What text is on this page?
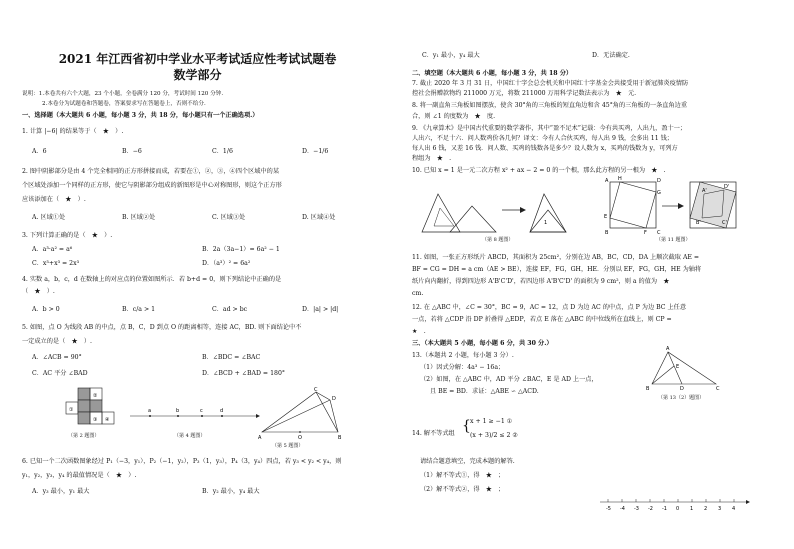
2021 年江西省初中学业水平考试适应性考试试题卷
数学部分
说明：1.本卷共有六个大题，23 个小题，全卷满分 120 分，考试时间 120 分钟.
2.本卷分为试题卷和答题卷，答案要求写在答题卷上，否则不给分.
一、选择题（本大题共 6 小题，每小题 3 分，共 18 分，每小题只有一个正确选项.）
1. 计算 |−6| 的结果等于（　★　）.
A．6	B．−6	C．1/6	D．−1/6
2. 图中阴影部分是由 4 个完全相同的正方形拼接而成，若要在①，②，③，④四个区域中的某
个区域处添加一个同样的正方形，使它与阴影部分组成的新图形是中心对称图形，则这个正方形
应该添加在（　★　）.
A. 区域①处	B. 区域②处	C. 区域③处	D. 区域④处
3. 下列计算正确的是（　★　）.
A．a³·a² = a⁶	B．2a（3a−1）= 6a² − 1
C．x³+x³ = 2x³	D．（a³）² = 6a²
4. 实数 a，b，c，d 在数轴上的对应点的位置如图所示．若 b+d = 0，则下列结论中正确的是
（　★　）.
A．b > 0	B．c/a > 1	C．ad > bc	D．|a| > |d|
5. 如图，点 O 为线段 AB 的中点，点 B，C，D 到点 O 的距离相等，连接 AC，BD. 则下面结论中不
一定成立的是（　★　）.
A．∠ACB = 90°	B．∠BDC = ∠BAC
C．AC 平分 ∠BAD	D．∠BCD + ∠BAD = 180°
①
②
③ ④
（第 2 题图）
a	b	c	d
（第 4 题图）	A	B
C
D
O
（第 5 题图）
6. 已知一个二次函数图象经过 P₁（−3，y₁），P₂（−1，y₂），P₃（1，y₃），P₄（3，y₄）四点，若 y₃ < y₂ < y₄，则
y₁，y₂，y₃，y₄ 的最值情况是（　★　）.
A．y₃ 最小，y₁ 最大	B．y₂ 最小，y₄ 最大
C．y₁ 最小，y₄ 最大	D．无法确定.
二、填空题（本大题共 6 小题，每小题 3 分，共 18 分）
7. 截止 2020 年 3 月 31 日，中国红十字会总会机关和中国红十字基金会共接受用于新冠肺炎疫情防
控社会捐赠款物约 211000 万元，将数 211000 万用科学记数法表示为　★　元.
8. 将一副直角三角板如图摆放，使含 30°角的三角板的短直角边和含 45°角的三角板的一条直角边重
合，则 ∠1 的度数为　★　度.
9. 《九章算术》是中国古代重要的数学著作，其中“盈不足术”记载：今有共买鸡，人出九，盈十一；
人出六，不足十六．问人数鸡价各几何？译文：今有人合伙买鸡，每人出 9 钱，会多出 11 钱；
每人出 6 钱，又差 16 钱．问人数、买鸡的钱数各是多少？设人数为 x，买鸡的钱数为 y，可列方
程组为　★　.
10. 已知 x = 1 是一元二次方程 x² + ax − 2 = 0 的一个根，那么此方程的另一根为　★　.
1
（第 8 题图）
A H	D
E
G
B	F C
A'
D'
B'	C'
（第 11 题图）
11. 如图，一张正方形纸片 ABCD，其面积为 25cm²，分别在边 AB，BC，CD，DA 上顺次截取 AE =
BF = CG = DH = a cm（AE > BE），连接 EF，FG，GH，HE．分别以 EF，FG，GH，HE 为轴将
纸片向内翻折，得到四边形 A'B'C'D'，若四边形 A'B'C'D' 的面积为 9 cm²，则 a 的值为　★
cm.
12. 在 △ABC 中，∠C = 30°，BC = 9，AC = 12，点 D 为边 AC 的中点，点 P 为边 BC 上任意
一点，若将 △CDP 沿 DP 折叠得 △EDP，若点 E 落在 △ABC 的中位线所在直线上，则 CP =
★　.
三、（本大题共 5 小题，每小题 6 分，共 30 分.）
13.（本题共 2 小题，每小题 3 分）.
（1）因式分解：4a³ − 16a；
（2）如图，在 △ABC 中，AD 平分 ∠BAC，E 是 AD 上一点，
且 BE = BD．求证：△ABE ∽ △ACD.
A
B	C
D
E
（第 13（2）题图）
14. 解不等式组 { x + 1 ≥ −1 ①
(x + 3)/2 ≤ 2 ②
请结合题意填空，完成本题的解答.
（1）解不等式①，得　★　；
（2）解不等式②，得　★　；
-5 -4 -3 -2 -1 0 1 2 3 4
